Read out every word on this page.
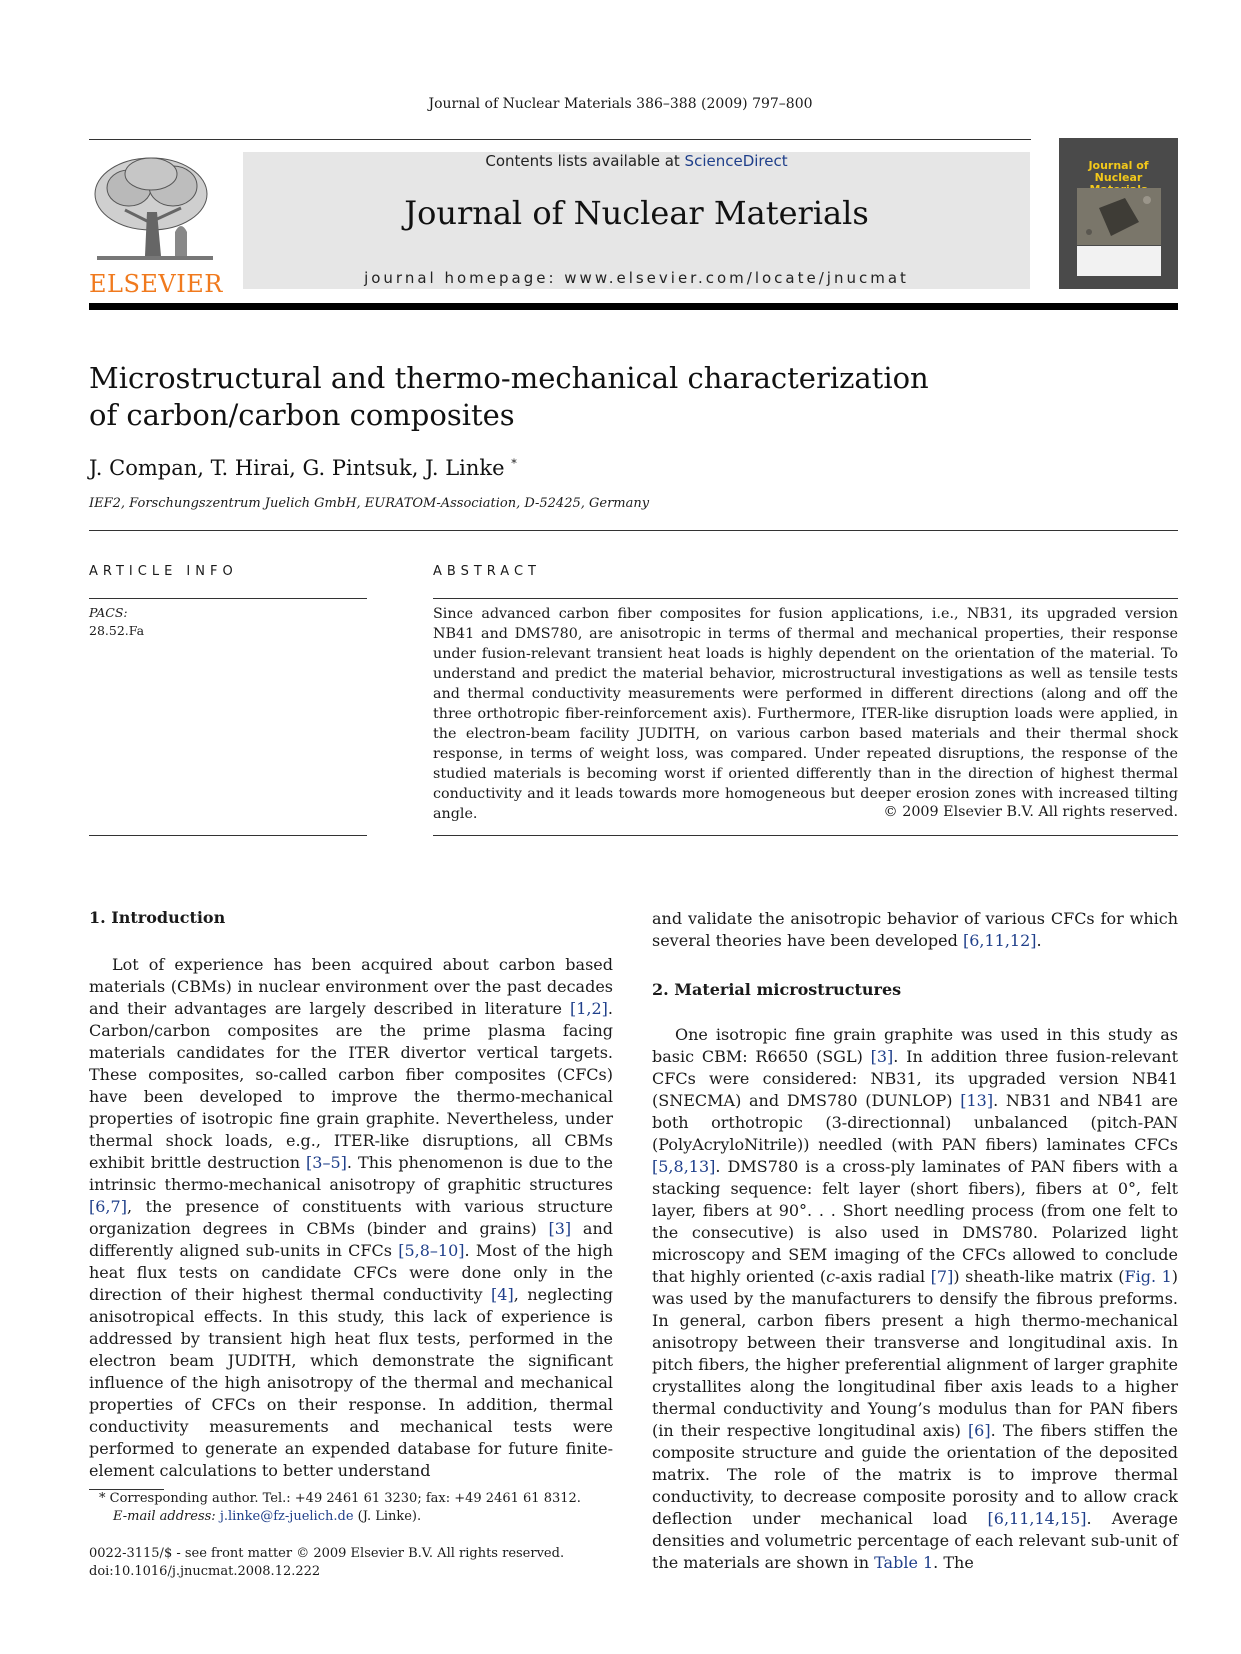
Journal of Nuclear Materials 386–388 (2009) 797–800
ELSEVIER
Contents lists available at ScienceDirect
Journal of Nuclear Materials
journal homepage: www.elsevier.com/locate/jnucmat
Journal of Nuclear
Microstructural and thermo-mechanical characterization
of carbon/carbon composites
J. Compan, T. Hirai, G. Pintsuk, J. Linke *
IEF2, Forschungszentrum Juelich GmbH, EURATOM-Association, D-52425, Germany
ARTICLE INFO	ABSTRACT
PACS:
28.52.Fa
Since advanced carbon fiber composites for fusion applications, i.e., NB31, its upgraded version NB41 and DMS780, are anisotropic in terms of thermal and mechanical properties, their response under fusion-relevant transient heat loads is highly dependent on the orientation of the material. To understand and predict the material behavior, microstructural investigations as well as tensile tests and thermal conductivity measurements were performed in different directions (along and off the three orthotropic fiber-reinforcement axis). Furthermore, ITER-like disruption loads were applied, in the electron-beam facility JUDITH, on various carbon based materials and their thermal shock response, in terms of weight loss, was compared. Under repeated disruptions, the response of the studied materials is becoming worst if oriented differently than in the direction of highest thermal conductivity and it leads towards more homogeneous but deeper erosion zones with increased tilting angle.	© 2009 Elsevier B.V. All rights reserved.
1. Introduction
Lot of experience has been acquired about carbon based materials (CBMs) in nuclear environment over the past decades and their advantages are largely described in literature [1,2]. Carbon/carbon composites are the prime plasma facing materials candidates for the ITER divertor vertical targets. These composites, so-called carbon fiber composites (CFCs) have been developed to improve the thermo-mechanical properties of isotropic fine grain graphite. Nevertheless, under thermal shock loads, e.g., ITER-like disruptions, all CBMs exhibit brittle destruction [3–5]. This phenomenon is due to the intrinsic thermo-mechanical anisotropy of graphitic structures [6,7], the presence of constituents with various structure organization degrees in CBMs (binder and grains) [3] and differently aligned sub-units in CFCs [5,8–10]. Most of the high heat flux tests on candidate CFCs were done only in the direction of their highest thermal conductivity [4], neglecting anisotropical effects. In this study, this lack of experience is addressed by transient high heat flux tests, performed in the electron beam JUDITH, which demonstrate the significant influence of the high anisotropy of the thermal and mechanical properties of CFCs on their response. In addition, thermal conductivity measurements and mechanical tests were performed to generate an expended database for future finite-element calculations to better understand
and validate the anisotropic behavior of various CFCs for which several theories have been developed [6,11,12].
2. Material microstructures
One isotropic fine grain graphite was used in this study as basic CBM: R6650 (SGL) [3]. In addition three fusion-relevant CFCs were considered: NB31, its upgraded version NB41 (SNECMA) and DMS780 (DUNLOP) [13]. NB31 and NB41 are both orthotropic (3-directionnal) unbalanced (pitch-PAN (PolyAcryloNitrile)) needled (with PAN fibers) laminates CFCs [5,8,13]. DMS780 is a cross-ply laminates of PAN fibers with a stacking sequence: felt layer (short fibers), fibers at 0°, felt layer, fibers at 90°. . . Short needling process (from one felt to the consecutive) is also used in DMS780. Polarized light microscopy and SEM imaging of the CFCs allowed to conclude that highly oriented (c-axis radial [7]) sheath-like matrix (Fig. 1) was used by the manufacturers to densify the fibrous preforms. In general, carbon fibers present a high thermo-mechanical anisotropy between their transverse and longitudinal axis. In pitch fibers, the higher preferential alignment of larger graphite crystallites along the longitudinal fiber axis leads to a higher thermal conductivity and Young’s modulus than for PAN fibers (in their respective longitudinal axis) [6]. The fibers stiffen the composite structure and guide the orientation of the deposited matrix. The role of the matrix is to improve thermal conductivity, to decrease composite porosity and to allow crack deflection under mechanical load [6,11,14,15]. Average densities and volumetric percentage of each relevant sub-unit of the materials are shown in Table 1. The
* Corresponding author. Tel.: +49 2461 61 3230; fax: +49 2461 61 8312.
E-mail address: j.linke@fz-juelich.de (J. Linke).
0022-3115/$ - see front matter © 2009 Elsevier B.V. All rights reserved.
doi:10.1016/j.jnucmat.2008.12.222
